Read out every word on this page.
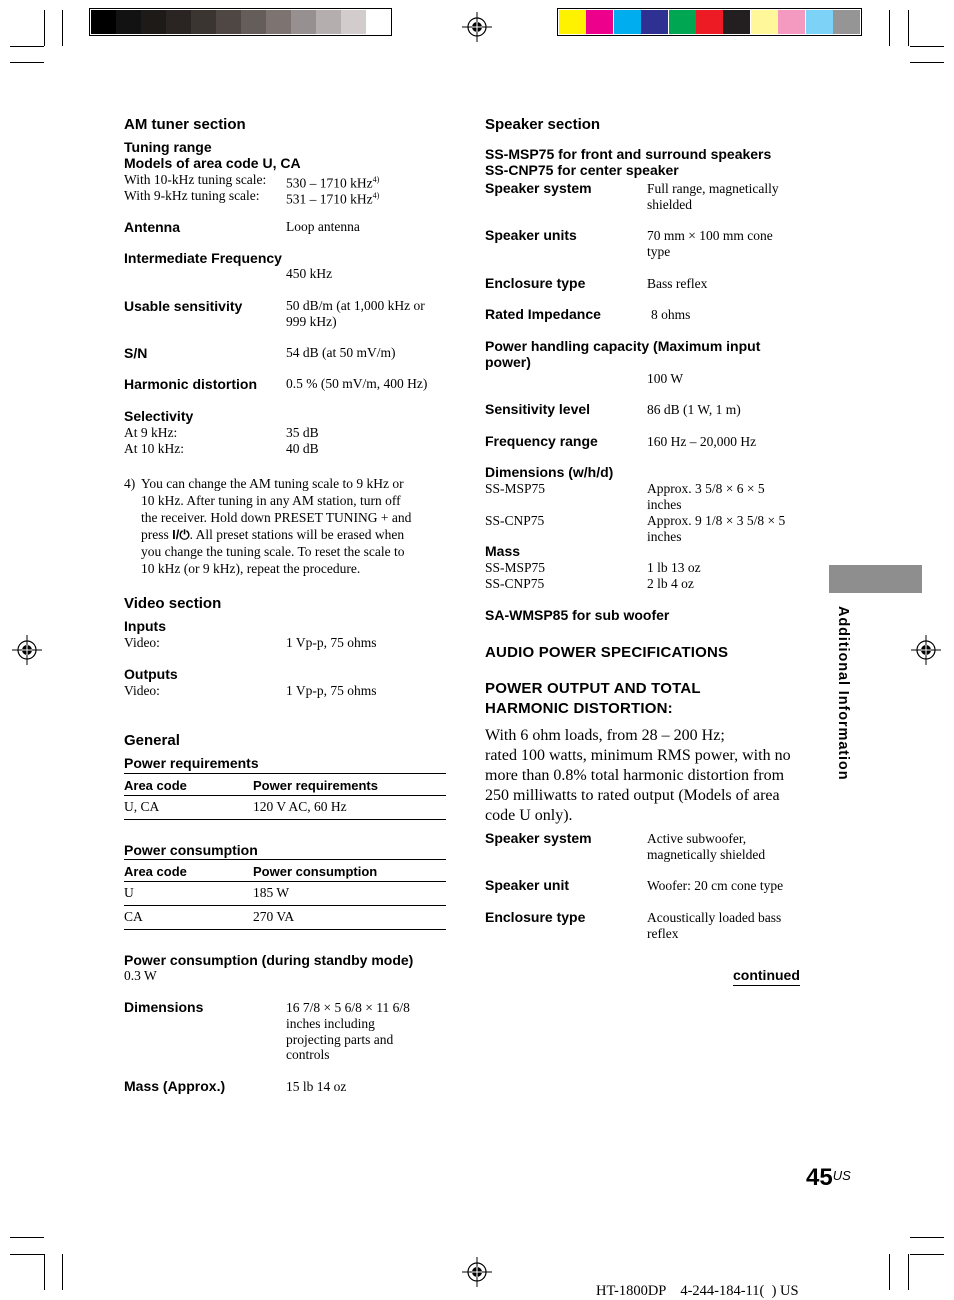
AM tuner section
Tuning range
Models of area code U, CA
With 10-kHz tuning scale: 530 – 1710 kHz$^{4)}$
With 9-kHz tuning scale: 531 – 1710 kHz$^{4)}$
Antenna	Loop antenna
Intermediate Frequency
450 kHz
Usable sensitivity	50 dB/m (at 1,000 kHz or
999 kHz)
S/N	54 dB (at 50 mV/m)
Harmonic distortion 0.5 % (50 mV/m, 400 Hz)
Selectivity
At 9 kHz:	35 dB
At 10 kHz:	40 dB
4) You can change the AM tuning scale to 9 kHz or
10 kHz. After tuning in any AM station, turn off
the receiver. Hold down PRESET TUNING + and
press I/⏻. All preset stations will be erased when
you change the tuning scale. To reset the scale to
10 kHz (or 9 kHz), repeat the procedure.
Video section
Inputs
Video:	1 Vp-p, 75 ohms
Outputs
Video:	1 Vp-p, 75 ohms
General
Power requirements
Area code	Power requirements
U, CA	120 V AC, 60 Hz
Power consumption
Area code	Power consumption
U	185 W
CA	270 VA
Power consumption (during standby mode)
0.3 W
Dimensions	16 7/8 × 5 6/8 × 11 6/8
inches including
projecting parts and
controls
Mass (Approx.)	15 lb 14 oz
Speaker section
SS-MSP75 for front and surround speakers
SS-CNP75 for center speaker
Speaker system	Full range, magnetically
shielded
Speaker units	70 mm × 100 mm cone
type
Enclosure type	Bass reflex
Rated Impedance	8 ohms
Power handling capacity (Maximum input
power)
100 W
Sensitivity level	86 dB (1 W, 1 m)
Frequency range	160 Hz – 20,000 Hz
Dimensions (w/h/d)
SS-MSP75	Approx. 3 5/8 × 6 × 5
inches
SS-CNP75	Approx. 9 1/8 × 3 5/8 × 5
inches
Mass
SS-MSP75	1 lb 13 oz
SS-CNP75	2 lb 4 oz
SA-WMSP85 for sub woofer
AUDIO POWER SPECIFICATIONS
POWER OUTPUT AND TOTAL
HARMONIC DISTORTION:
With 6 ohm loads, from 28 – 200 Hz;
rated 100 watts, minimum RMS power, with no
more than 0.8% total harmonic distortion from
250 milliwatts to rated output (Models of area
code U only).
Speaker system	Active subwoofer,
magnetically shielded
Speaker unit	Woofer: 20 cm cone type
Enclosure type	Acoustically loaded bass
reflex
continued
Additional Information
$45^{US}$
HT-1800DP    4-244-184-11(  ) US
